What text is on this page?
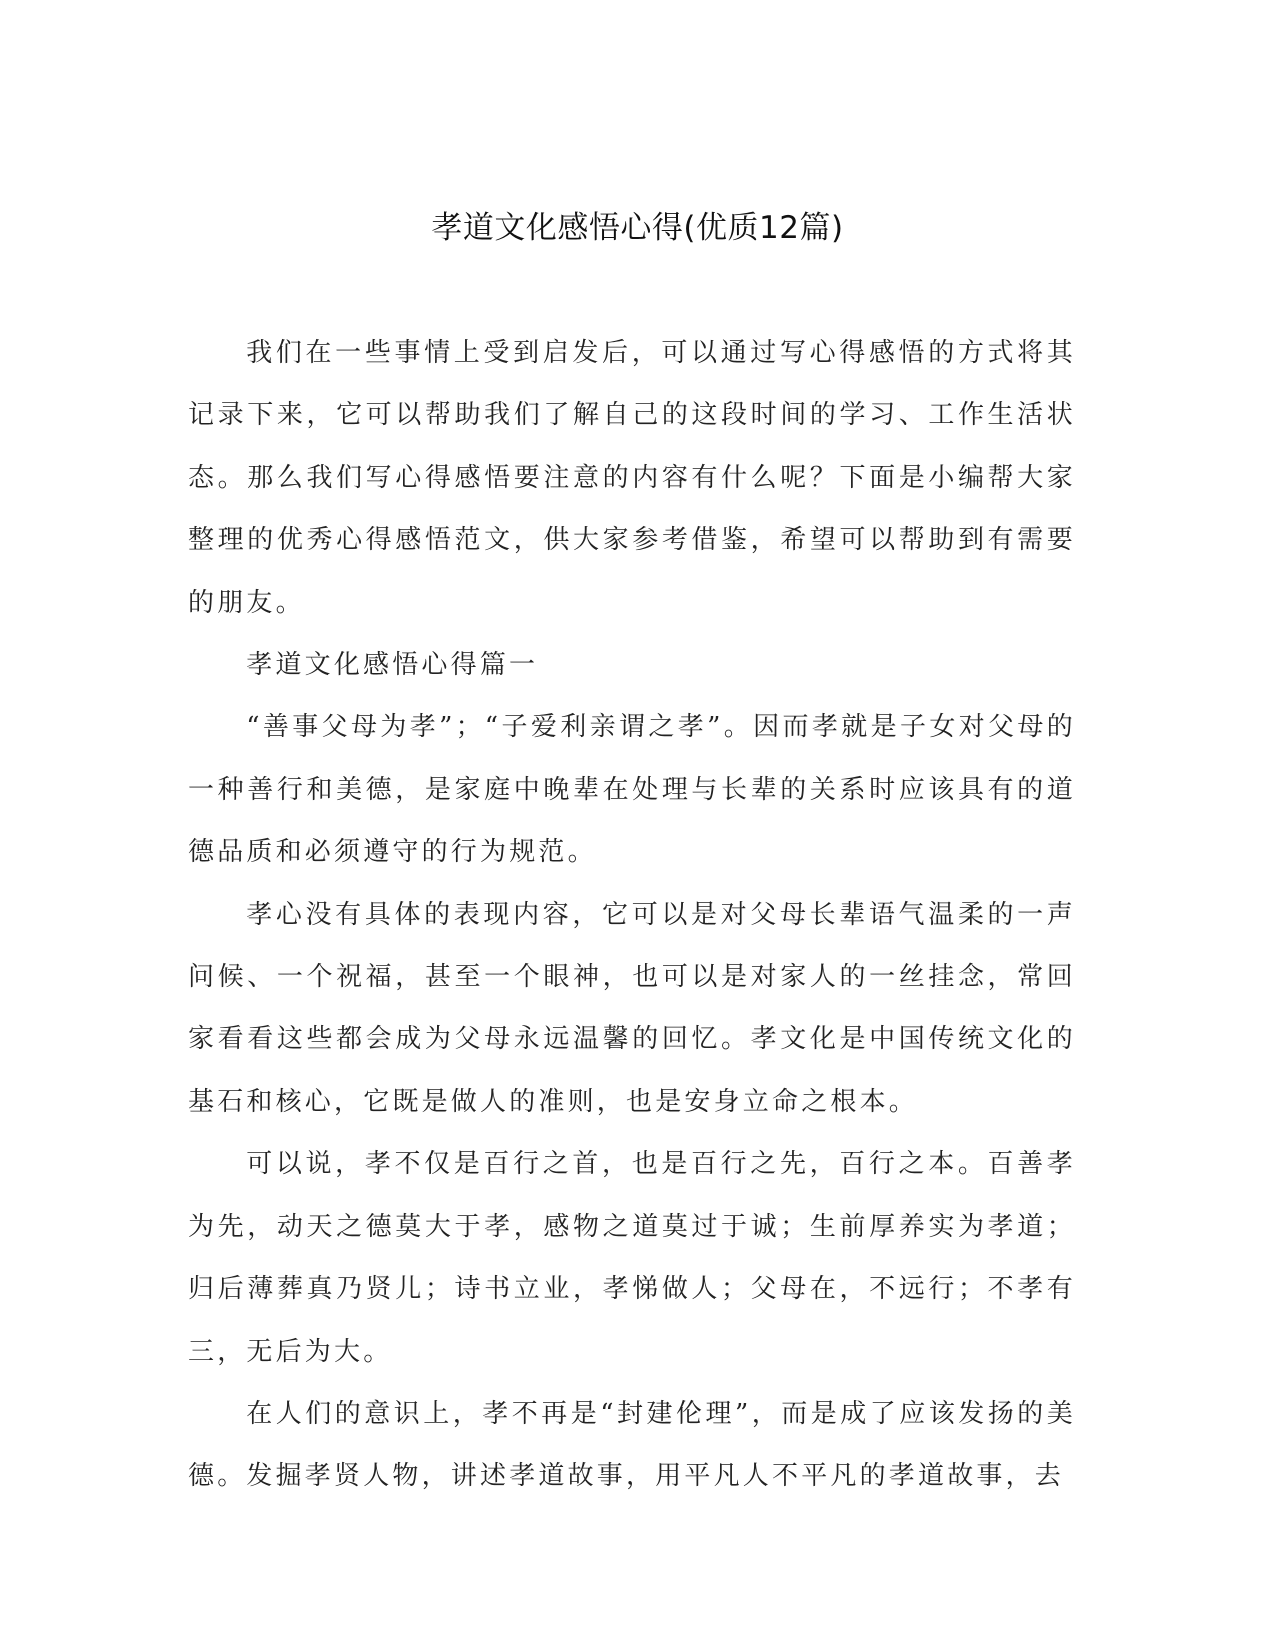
孝道文化感悟心得(优质12篇)

我们在一些事情上受到启发后，可以通过写心得感悟的方式将其记录下来，它可以帮助我们了解自己的这段时间的学习、工作生活状态。那么我们写心得感悟要注意的内容有什么呢？下面是小编帮大家整理的优秀心得感悟范文，供大家参考借鉴，希望可以帮助到有需要的朋友。

孝道文化感悟心得篇一

“善事父母为孝”；“子爱利亲谓之孝”。因而孝就是子女对父母的一种善行和美德，是家庭中晚辈在处理与长辈的关系时应该具有的道德品质和必须遵守的行为规范。

孝心没有具体的表现内容，它可以是对父母长辈语气温柔的一声问候、一个祝福，甚至一个眼神，也可以是对家人的一丝挂念，常回家看看这些都会成为父母永远温馨的回忆。孝文化是中国传统文化的基石和核心，它既是做人的准则，也是安身立命之根本。

可以说，孝不仅是百行之首，也是百行之先，百行之本。百善孝为先，动天之德莫大于孝，感物之道莫过于诚；生前厚养实为孝道；归后薄葬真乃贤儿；诗书立业，孝悌做人；父母在，不远行；不孝有三，无后为大。

在人们的意识上，孝不再是“封建伦理”，而是成了应该发扬的美德。发掘孝贤人物，讲述孝道故事，用平凡人不平凡的孝道故事，去
